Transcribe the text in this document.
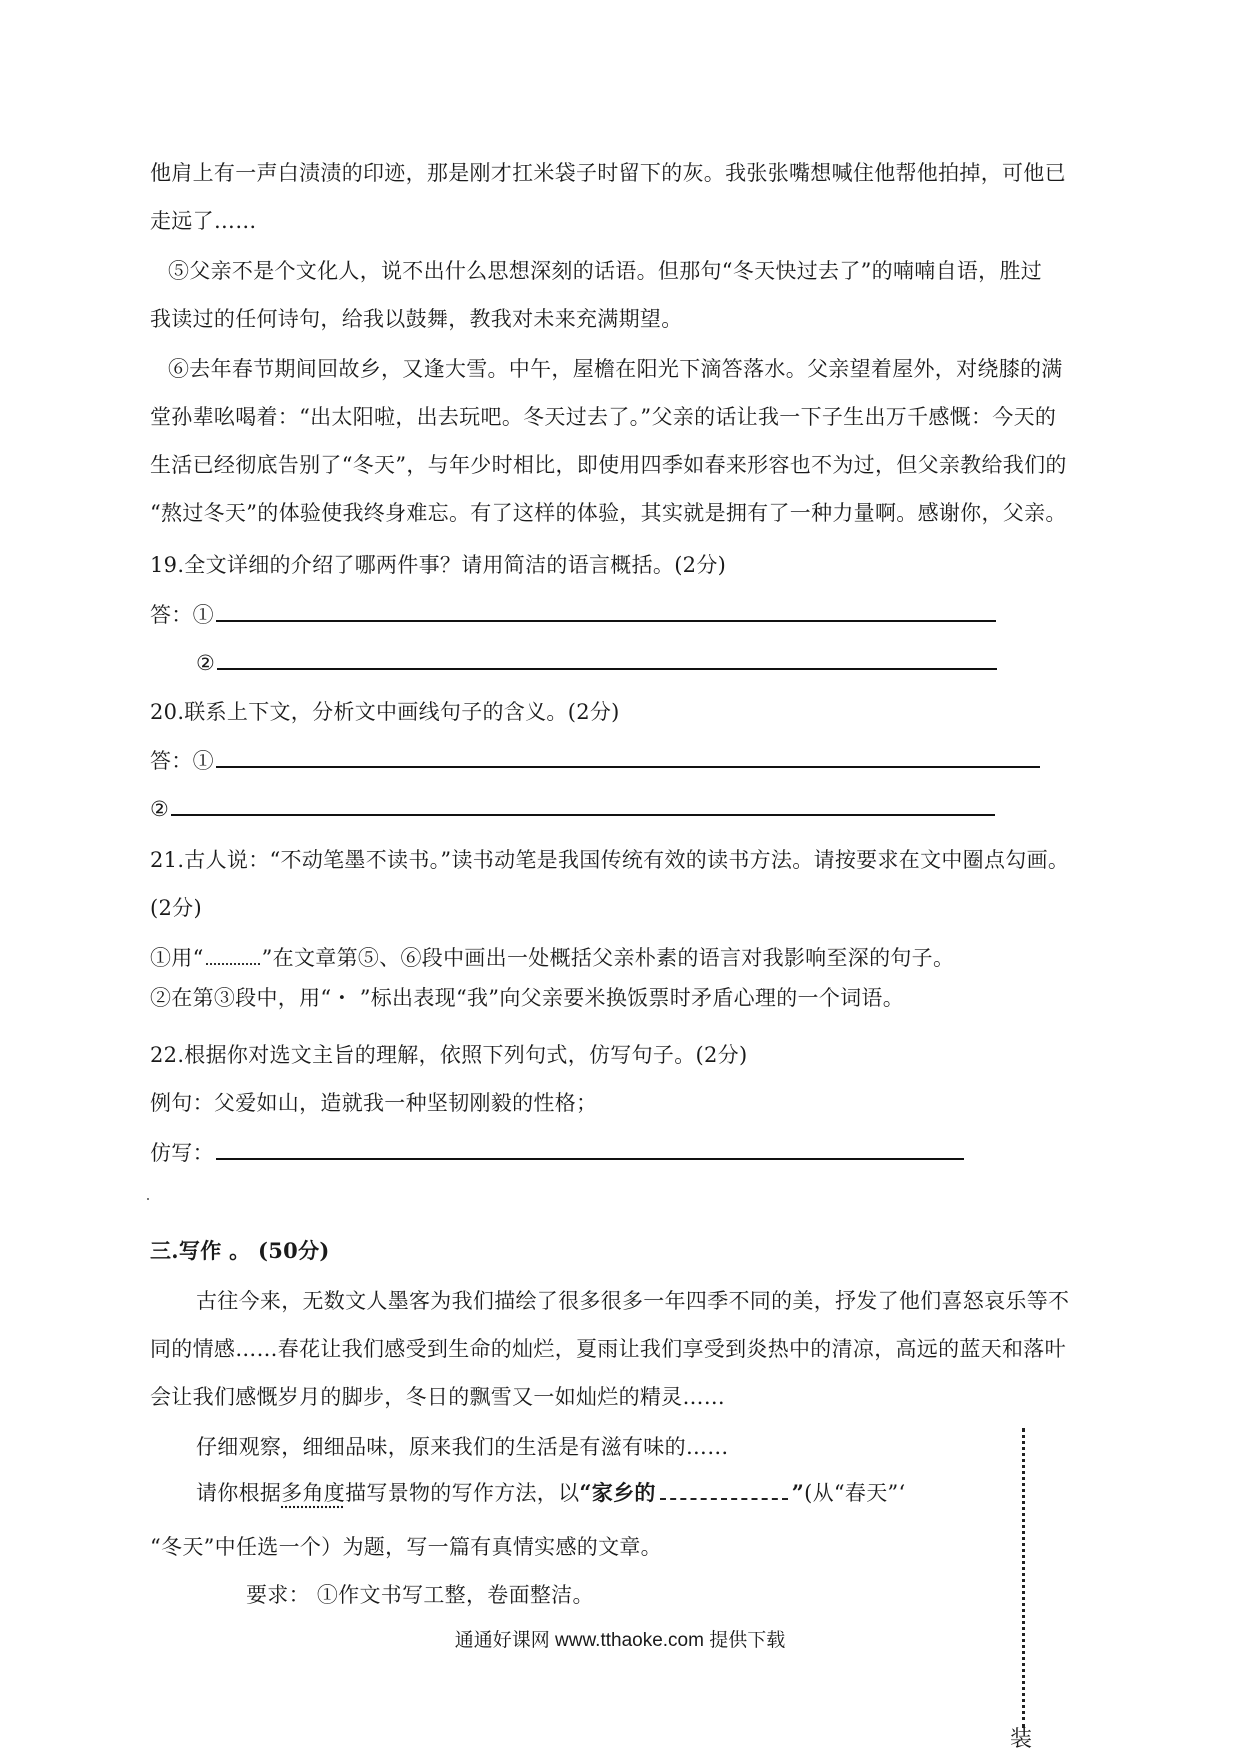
他肩上有一声白渍渍的印迹，那是刚才扛米袋子时留下的灰。我张张嘴想喊住他帮他拍掉，可他已
走远了……
⑤父亲不是个文化人，说不出什么思想深刻的话语。但那句“冬天快过去了”的喃喃自语，胜过
我读过的任何诗句，给我以鼓舞，教我对未来充满期望。
⑥去年春节期间回故乡，又逢大雪。中午，屋檐在阳光下滴答落水。父亲望着屋外，对绕膝的满
堂孙辈吆喝着：“出太阳啦，出去玩吧。冬天过去了。”父亲的话让我一下子生出万千感慨：今天的
生活已经彻底告别了“冬天”，与年少时相比，即使用四季如春来形容也不为过，但父亲教给我们的
“熬过冬天”的体验使我终身难忘。有了这样的体验，其实就是拥有了一种力量啊。感谢你，父亲。
19.全文详细的介绍了哪两件事？请用简洁的语言概括。(2分)
答：①
②
20.联系上下文，分析文中画线句子的含义。(2分)
答：①
②
21.古人说：“不动笔墨不读书。”读书动笔是我国传统有效的读书方法。请按要求在文中圈点勾画。
(2分)
①用“	”在文章第⑤、⑥段中画出一处概括父亲朴素的语言对我影响至深的句子。
②在第③段中，用“・ ”标出表现“我”向父亲要米换饭票时矛盾心理的一个词语。
22.根据你对选文主旨的理解，依照下列句式，仿写句子。(2分)
例句：父爱如山，造就我一种坚韧刚毅的性格；
仿写：
三.写作 。 (50分)
古往今来，无数文人墨客为我们描绘了很多很多一年四季不同的美，抒发了他们喜怒哀乐等不
同的情感……春花让我们感受到生命的灿烂，夏雨让我们享受到炎热中的清凉，高远的蓝天和落叶
会让我们感慨岁月的脚步，冬日的飘雪又一如灿烂的精灵……
仔细观察，细细品味，原来我们的生活是有滋有味的……
请你根据多角度描写景物的写作方法，以“家乡的	”(从“春天”‘
“冬天”中任选一个）为题，写一篇有真情实感的文章。
要求： ①作文书写工整，卷面整洁。
通通好课网 www.tthaoke.com 提供下载
装
